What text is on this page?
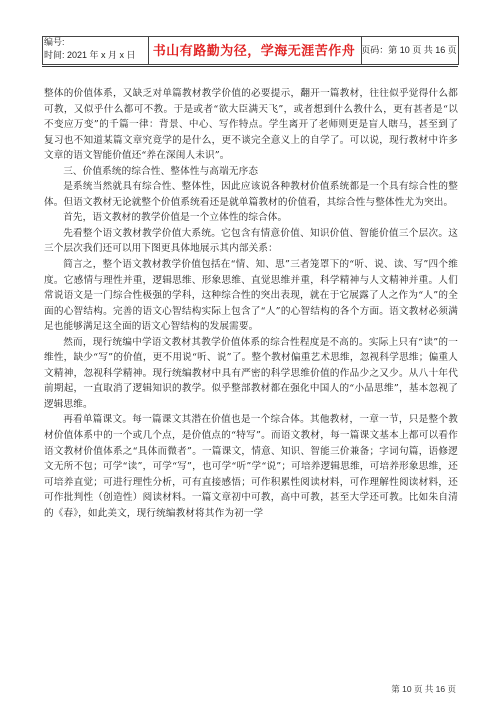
编号:
时间: 2021 年 x 月 x 日	书山有路勤为径，学海无涯苦作舟 页码：第 10 页 共 16 页

整体的价值体系，又缺乏对单篇教材教学价值的必要提示，翻开一篇教材，往往似乎觉得什么都可教，又似乎什么都可不教。于是或者“欲大臣满天飞”，或者想到什么教什么，更有甚者是“以不变应万变”的千篇一律：背景、中心、写作特点。学生离开了老师则更是盲人瞎马，甚至到了复习也不知道某篇文章究竟学的是什么，更不谈完全意义上的自学了。可以说，现行教材中许多文章的语文智能价值还“养在深闺人未识”。

三、价值系统的综合性、整体性与高端无序态

是系统当然就具有综合性、整体性，因此应该说各种教材价值系统都是一个具有综合性的整体。但语文教材无论就整个价值系统看还是就单篇教材的价值看，其综合性与整体性尤为突出。

首先，语文教材的教学价值是一个立体性的综合体。

先看整个语文教材教学价值大系统。它包含有情意价值、知识价值、智能价值三个层次。这三个层次我们还可以用下图更具体地展示其内部关系：

简言之，整个语文教材教学价值包括在“情、知、思”三者笼罩下的“听、说、读、写”四个维度。它感情与理性并重，逻辑思维、形象思维、直觉思维并重，科学精神与人文精神并重。人们常说语文是一门综合性极强的学科，这种综合性的突出表现，就在于它展露了人之作为“人”的全面的心智结构。完善的语文心智结构实际上包含了“人”的心智结构的各个方面。语文教材必须满足也能够满足这全面的语文心智结构的发展需要。

然而，现行统编中学语文教材其教学价值体系的综合性程度是不高的。实际上只有“读”的一维性，缺少“写”的价值，更不用说“听、说”了。整个教材偏重艺术思维，忽视科学思维；偏重人文精神，忽视科学精神。现行统编教材中具有严密的科学思维价值的作品少之又少。从八十年代前期起，一直取消了逻辑知识的教学。似乎整部教材都在强化中国人的“小品思维”，基本忽视了逻辑思维。

再看单篇课文。每一篇课文其潜在价值也是一个综合体。其他教材，一章一节，只是整个教材价值体系中的一个或几个点，是价值点的“特写”。而语文教材，每一篇课文基本上都可以看作语文教材价值体系之“具体而微者”。一篇课文，情意、知识、智能三价兼备；字词句篇，语修逻文无所不包；可学“读”，可学“写”，也可学“听”学“说”；可培养逻辑思维，可培养形象思维，还可培养直觉；可进行理性分析，可有直接感悟；可作积累性阅读材料，可作理解性阅读材料，还可作批判性（创造性）阅读材料。一篇文章初中可教，高中可教，甚至大学还可教。比如朱自清的《春》，如此美文，现行统编教材将其作为初一学

第 10 页 共 16 页
